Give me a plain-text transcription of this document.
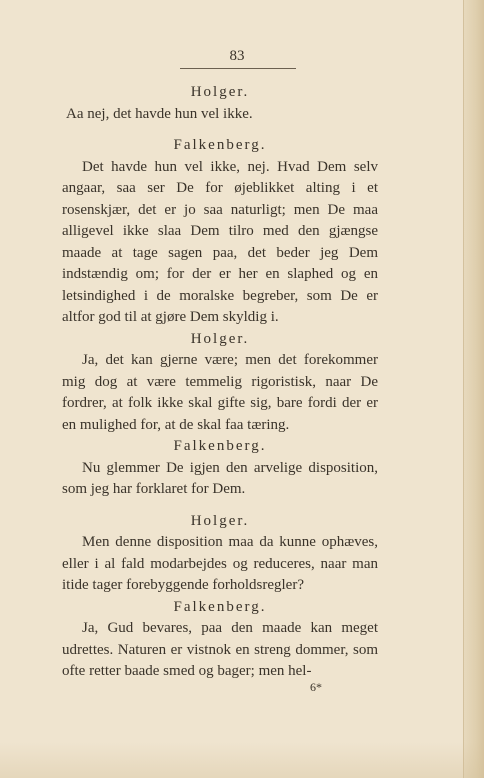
83

Holger.

Aa nej, det havde hun vel ikke.

Falkenberg.

Det havde hun vel ikke, nej. Hvad Dem selv angaar, saa ser De for øjeblikket alting i et rosenskjær, det er jo saa naturligt; men De maa alligevel ikke slaa Dem tilro med den gjængse maade at tage sagen paa, det beder jeg Dem indstændig om; for der er her en slaphed og en letsindighed i de moralske begreber, som De er altfor god til at gjøre Dem skyldig i.

Holger.

Ja, det kan gjerne være; men det forekommer mig dog at være temmelig rigoristisk, naar De fordrer, at folk ikke skal gifte sig, bare fordi der er en mulighed for, at de skal faa tæring.

Falkenberg.

Nu glemmer De igjen den arvelige disposition, som jeg har forklaret for Dem.

Holger.

Men denne disposition maa da kunne ophæves, eller i al fald modarbejdes og reduceres, naar man itide tager forebyggende forholdsregler?

Falkenberg.

Ja, Gud bevares, paa den maade kan meget udrettes. Naturen er vistnok en streng dommer, som ofte retter baade smed og bager; men hel-

6*
